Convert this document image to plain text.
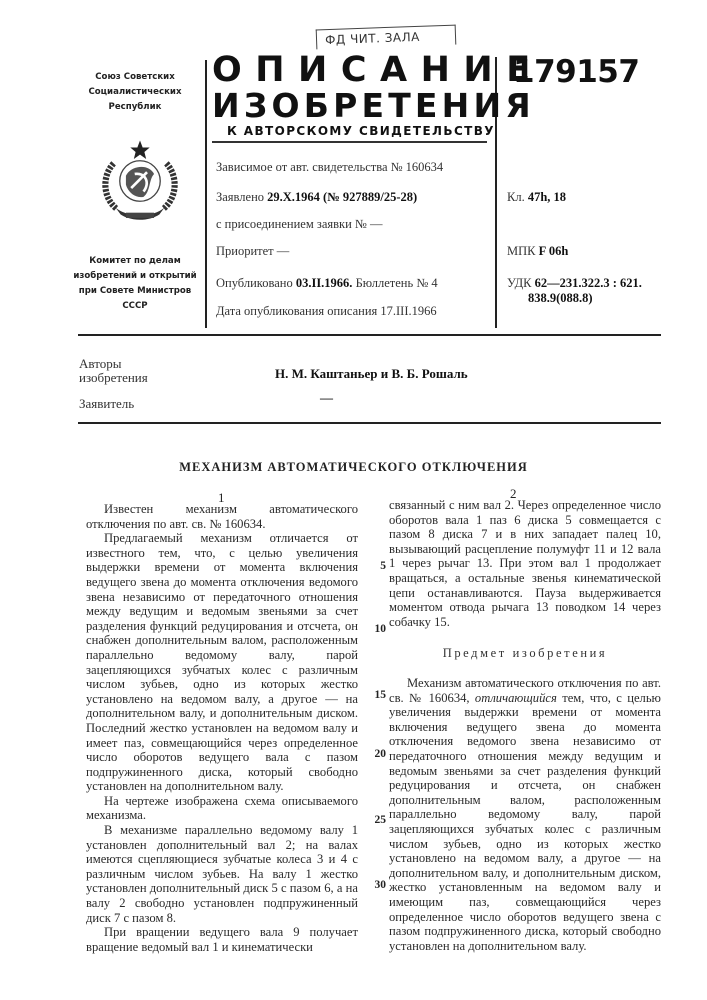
Союз Советских
Социалистических
Республик
Комитет по делам
изобретений и открытий
при Совете Министров
СССР
ФД ЧИТ. ЗАЛА
ОПИСАНИЕ
ИЗОБРЕТЕНИЯ
К АВТОРСКОМУ СВИДЕТЕЛЬСТВУ
179157
Зависимое от авт. свидетельства № 160634
Заявлено 29.X.1964 (№ 927889/25-28)
с присоединением заявки № —
Приоритет —
Опубликовано 03.II.1966. Бюллетень № 4
Дата опубликования описания 17.III.1966
Кл. 47h, 18
МПК F 06h
УДК 62—231.322.3 : 621.
838.9(088.8)
Авторы
изобретения	Н. М. Каштаньер и В. Б. Рошаль
Заявитель	—
МЕХАНИЗМ АВТОМАТИЧЕСКОГО ОТКЛЮЧЕНИЯ
1	2

Известен механизм автоматического отключения по авт. св. № 160634.

Предлагаемый механизм отличается от известного тем, что, с целью увеличения выдержки времени от момента включения ведущего звена до момента отключения ведомого звена независимо от передаточного отношения между ведущим и ведомым звеньями за счет разделения функций редуцирования и отсчета, он снабжен дополнительным валом, расположенным параллельно ведомому валу, парой зацепляющихся зубчатых колес с различным числом зубьев, одно из которых жестко установлено на ведомом валу, а другое — на дополнительном валу, и дополнительным диском. Последний жестко установлен на ведомом валу и имеет паз, совмещающийся через определенное число оборотов ведущего вала с пазом подпружиненного диска, который свободно установлен на дополнительном валу.

На чертеже изображена схема описываемого механизма.

В механизме параллельно ведомому валу 1 установлен дополнительный вал 2; на валах имеются сцепляющиеся зубчатые колеса 3 и 4 с различным числом зубьев. На валу 1 жестко установлен дополнительный диск 5 с пазом 6, а на валу 2 свободно установлен подпружиненный диск 7 с пазом 8.

При вращении ведущего вала 9 получает вращение ведомый вал 1 и кинематически

связанный с ним вал 2. Через определенное число оборотов вала 1 паз 6 диска 5 совмещается с пазом 8 диска 7 и в них западает палец 10, вызывающий расцепление полумуфт 11 и 12 вала 1 через рычаг 13. При этом вал 1 продолжает вращаться, а остальные звенья кинематической цепи останавливаются. Пауза выдерживается моментом отвода рычага 13 поводком 14 через собачку 15.

Предмет изобретения

Механизм автоматического отключения по авт. св. № 160634, отличающийся тем, что, с целью увеличения выдержки времени от момента включения ведущего звена до момента отключения ведомого звена независимо от передаточного отношения между ведущим и ведомым звеньями за счет разделения функций редуцирования и отсчета, он снабжен дополнительным валом, расположенным параллельно ведомому валу, парой зацепляющихся зубчатых колес с различным числом зубьев, одно из которых жестко установлено на ведомом валу, а другое — на дополнительном валу, и дополнительным диском, жестко установленным на ведомом валу и имеющим паз, совмещающийся через определенное число оборотов ведущего звена с пазом подпружиненного диска, который свободно установлен на дополнительном валу.

5
10
15
20
25
30
